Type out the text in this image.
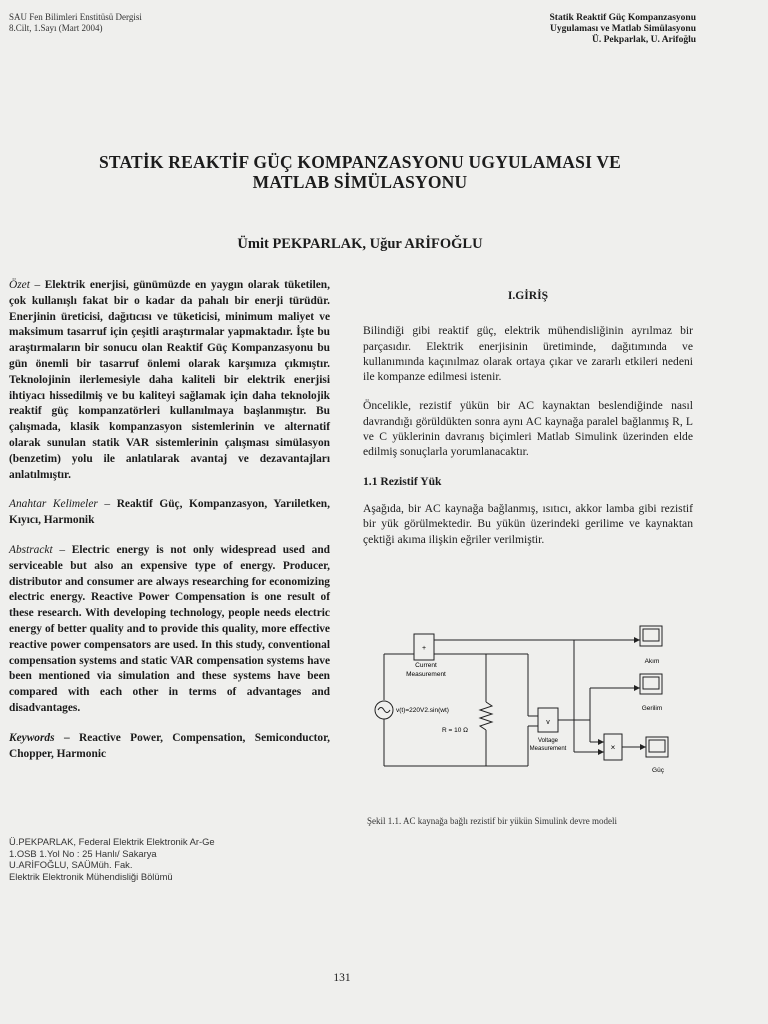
SAU Fen Bilimleri Enstitüsü Dergisi
8.Cilt, 1.Sayı (Mart 2004)
Statik Reaktif Güç Kompanzasyonu
Uygulaması ve Matlab Simülasyonu
Ü. Pekparlak, U. Arifoğlu
STATİK REAKTİF GÜÇ KOMPANZASYONU UGYULAMASI VE
MATLAB SİMÜLASYONU
Ümit PEKPARLAK, Uğur ARİFOĞLU

Özet – Elektrik enerjisi, günümüzde en yaygın olarak tüketilen, çok kullanışlı fakat bir o kadar da pahalı bir enerji türüdür. Enerjinin üreticisi, dağıtıcısı ve tüketicisi, minimum maliyet ve maksimum tasarruf için çeşitli araştırmalar yapmaktadır. İşte bu araştırmaların bir sonucu olan Reaktif Güç Kompanzasyonu bu gün önemli bir tasarruf önlemi olarak karşımıza çıkmıştır. Teknolojinin ilerlemesiyle daha kaliteli bir elektrik enerjisi ihtiyacı hissedilmiş ve bu kaliteyi sağlamak için daha teknolojik reaktif güç kompanzatörleri kullanılmaya başlanmıştır. Bu çalışmada, klasik kompanzasyon sistemlerinin ve alternatif olarak sunulan statik VAR sistemlerinin çalışması simülasyon (benzetim) yolu ile anlatılarak avantaj ve dezavantajları anlatılmıştır.

Anahtar Kelimeler – Reaktif Güç, Kompanzasyon, Yarıiletken, Kıyıcı, Harmonik

Abstrackt – Electric energy is not only widespread used and serviceable but also an expensive type of energy. Producer, distributor and consumer are always researching for economizing electric energy. Reactive Power Compensation is one result of these research. With developing technology, people needs electric energy of better quality and to provide this quality, more effective reactive power compensators are used. In this study, conventional compensation systems and static VAR compensation systems have been mentioned via simulation and these systems have been compared with each other in terms of advantages and disadvantages.

Keywords – Reactive Power, Compensation, Semiconductor, Chopper, Harmonic

I.GİRİŞ

Bilindiği gibi reaktif güç, elektrik mühendisliğinin ayrılmaz bir parçasıdır. Elektrik enerjisinin üretiminde, dağıtımında ve kullanımında kaçınılmaz olarak ortaya çıkar ve zararlı etkileri nedeni ile kompanze edilmesi istenir.

Öncelikle, rezistif yükün bir AC kaynaktan beslendiğinde nasıl davrandığı görüldükten sonra aynı AC kaynağa paralel bağlanmış R, L ve C yüklerinin davranış biçimleri Matlab Simulink üzerinden elde edilmiş sonuçlarla yorumlanacaktır.

1.1 Rezistif Yük

Aşağıda, bir AC kaynağa bağlanmış, ısıtıcı, akkor lamba gibi rezistif bir yük görülmektedir. Bu yükün üzerindeki gerilime ve kaynaktan çektiği akıma ilişkin eğriler verilmiştir.

+
v
×
Current
Measurement
v(t)=220V2.sin(wt)
R = 10 Ω
Voltage
Measurement
Akım
Gerilim
Güç
Şekil 1.1. AC kaynağa bağlı rezistif bir yükün Simulink devre modeli
Ü.PEKPARLAK, Federal Elektrik Elektronik Ar-Ge
1.OSB 1.Yol No : 25 Hanlı/ Sakarya
U.ARİFOĞLU, SAÜMüh. Fak.
Elektrik Elektronik Mühendisliği Bölümü
131
